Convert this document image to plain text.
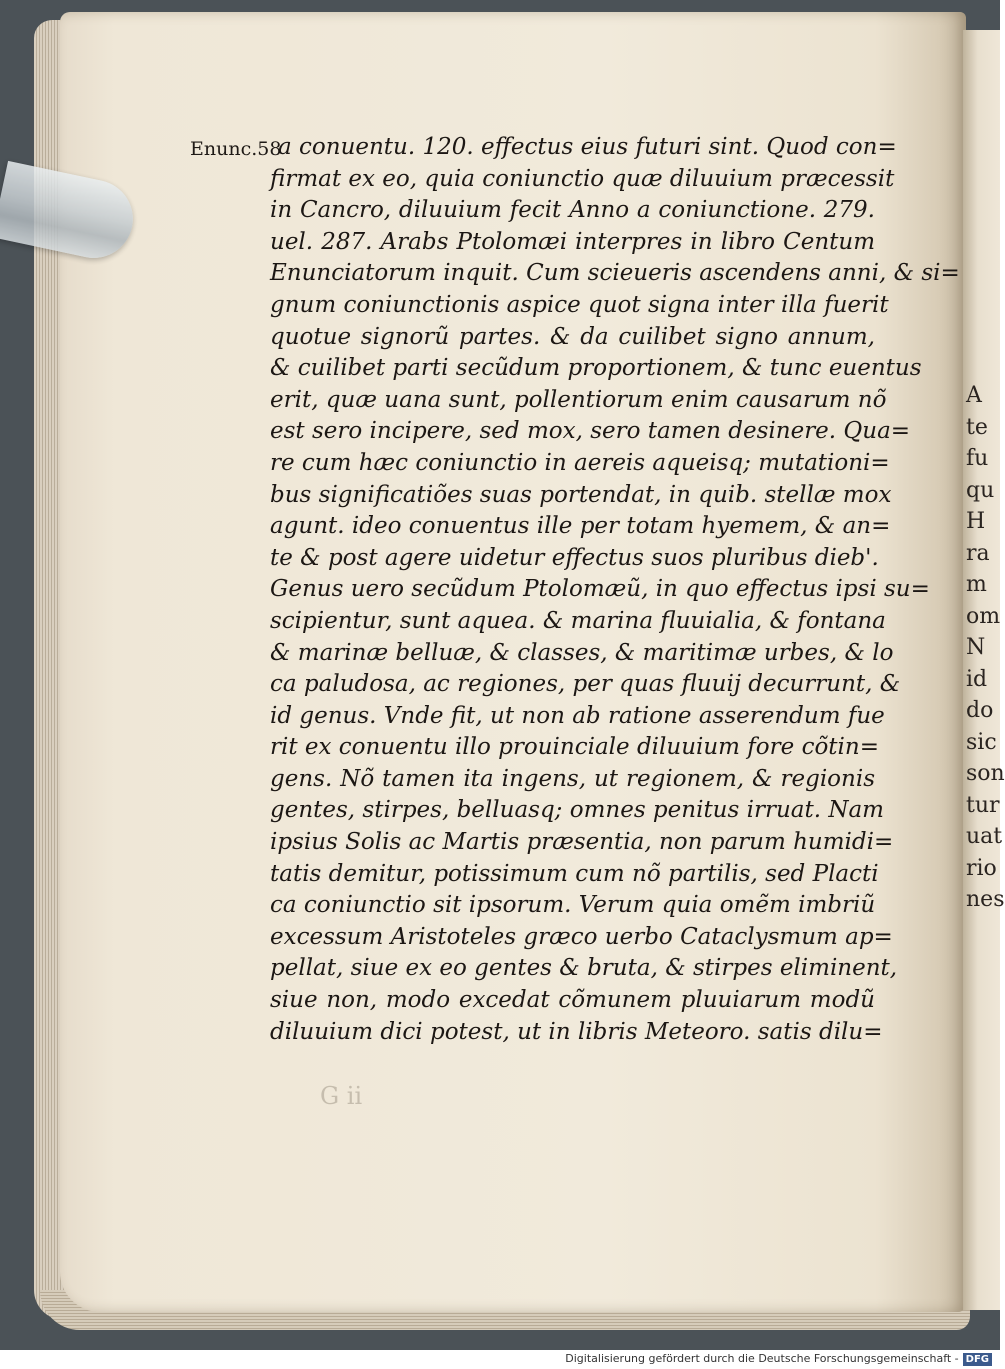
A
te
fu
qu
H
ra
m
om
N
id
do
sic
son
tur
uat
rio
nes
Enunc.58
a conuentu. 120. effectus eius futuri sint. Quod con=
firmat ex eo, quia coniunctio quæ diluuium præcessit
in Cancro, diluuium fecit Anno a coniunctione. 279.
uel. 287. Arabs Ptolomæi interpres in libro Centum
Enunciatorum inquit. Cum scieueris ascendens anni, & si=
gnum coniunctionis aspice quot signa inter illa fuerit
quotue signorũ partes. & da cuilibet signo annum,
& cuilibet parti secũdum proportionem, & tunc euentus
erit, quæ uana sunt, pollentiorum enim causarum nõ
est sero incipere, sed mox, sero tamen desinere. Qua=
re cum hæc coniunctio in aereis aqueisq; mutationi=
bus significatiões suas portendat, in quib. stellæ mox
agunt. ideo conuentus ille per totam hyemem, & an=
te & post agere uidetur effectus suos pluribus dieb'.
Genus uero secũdum Ptolomæũ, in quo effectus ipsi su=
scipientur, sunt aquea. & marina fluuialia, & fontana
& marinæ belluæ, & classes, & maritimæ urbes, & lo
ca paludosa, ac regiones, per quas fluuij decurrunt, &
id genus. Vnde fit, ut non ab ratione asserendum fue
rit ex conuentu illo prouinciale diluuium fore cõtin=
gens. Nõ tamen ita ingens, ut regionem, & regionis
gentes, stirpes, belluasq; omnes penitus irruat. Nam
ipsius Solis ac Martis præsentia, non parum humidi=
tatis demitur, potissimum cum nõ partilis, sed Placti
ca coniunctio sit ipsorum. Verum quia omẽm imbriũ
excessum Aristoteles græco uerbo Cataclysmum ap=
pellat, siue ex eo gentes & bruta, & stirpes eliminent,
siue non, modo excedat cõmunem pluuiarum modũ
diluuium dici potest, ut in libris Meteoro. satis dilu=
G ii
Digitalisierung gefördert durch die Deutsche Forschungsgemeinschaft - DFG
